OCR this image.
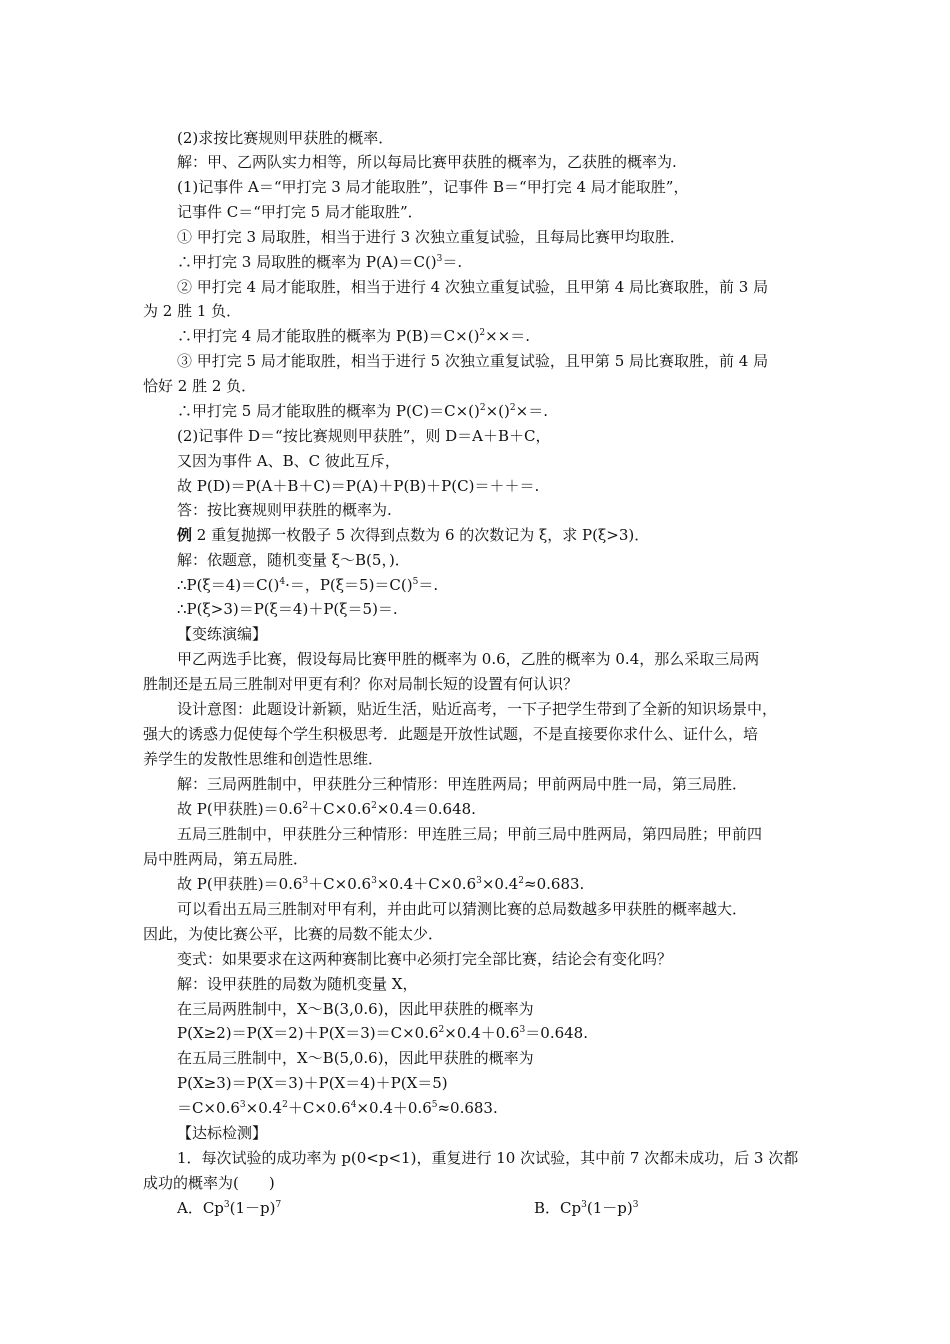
(2)求按比赛规则甲获胜的概率．
解：甲、乙两队实力相等，所以每局比赛甲获胜的概率为，乙获胜的概率为.
(1)记事件 A＝“甲打完 3 局才能取胜”，记事件 B＝“甲打完 4 局才能取胜”，
记事件 C＝“甲打完 5 局才能取胜”．
① 甲打完 3 局取胜，相当于进行 3 次独立重复试验，且每局比赛甲均取胜．
∴甲打完 3 局取胜的概率为 P(A)＝C()$^3$＝.
② 甲打完 4 局才能取胜，相当于进行 4 次独立重复试验，且甲第 4 局比赛取胜，前 3 局
为 2 胜 1 负．
∴甲打完 4 局才能取胜的概率为 P(B)＝C×()$^2$××＝.
③ 甲打完 5 局才能取胜，相当于进行 5 次独立重复试验，且甲第 5 局比赛取胜，前 4 局
恰好 2 胜 2 负．
∴甲打完 5 局才能取胜的概率为 P(C)＝C×()$^2$×()$^2$×＝.
(2)记事件 D＝“按比赛规则甲获胜”，则 D＝A＋B＋C，
又因为事件 A、B、C 彼此互斥，
故 P(D)＝P(A＋B＋C)＝P(A)＋P(B)＋P(C)＝＋＋＝.
答：按比赛规则甲获胜的概率为.
例 2 重复抛掷一枚骰子 5 次得到点数为 6 的次数记为 ξ，求 P(ξ>3)．
解：依题意，随机变量 ξ～B(5，)．
∴P(ξ＝4)＝C()$^4$·＝，P(ξ＝5)＝C()$^5$＝.
∴P(ξ>3)＝P(ξ＝4)＋P(ξ＝5)＝.
【变练演编】
甲乙两选手比赛，假设每局比赛甲胜的概率为 0.6，乙胜的概率为 0.4，那么采取三局两
胜制还是五局三胜制对甲更有利？你对局制长短的设置有何认识？
设计意图：此题设计新颖，贴近生活，贴近高考，一下子把学生带到了全新的知识场景中，
强大的诱惑力促使每个学生积极思考．此题是开放性试题，不是直接要你求什么、证什么，培
养学生的发散性思维和创造性思维．
解：三局两胜制中，甲获胜分三种情形：甲连胜两局；甲前两局中胜一局，第三局胜．
故 P(甲获胜)$=0.6^2+C\times 0.6^2\times 0.4=0.648$.
五局三胜制中，甲获胜分三种情形：甲连胜三局；甲前三局中胜两局，第四局胜；甲前四
局中胜两局，第五局胜．
故 P(甲获胜)$=0.6^3+C\times 0.6^3\times 0.4+C\times 0.6^3\times 0.4^2\approx 0.683$.
可以看出五局三胜制对甲有利，并由此可以猜测比赛的总局数越多甲获胜的概率越大．
因此，为使比赛公平，比赛的局数不能太少．
变式：如果要求在这两种赛制比赛中必须打完全部比赛，结论会有变化吗？
解：设甲获胜的局数为随机变量 X，
在三局两胜制中，X～B(3,0.6)，因此甲获胜的概率为
$P(X\ge 2)=P(X=2)+P(X=3)=C\times 0.6^2\times 0.4+0.6^3=0.648$.
在五局三胜制中，X～B(5,0.6)，因此甲获胜的概率为
P(X≥3)＝P(X＝3)＋P(X＝4)＋P(X＝5)
$=C\times 0.6^3\times 0.4^2+C\times 0.6^4\times 0.4+0.6^5\approx 0.683$.
【达标检测】
1．每次试验的成功率为 p(0<p<1)，重复进行 10 次试验，其中前 7 次都未成功，后 3 次都
成功的概率为(　　)
A．$Cp^3(1-p)^7$	B．$Cp^3(1-p)^3$
